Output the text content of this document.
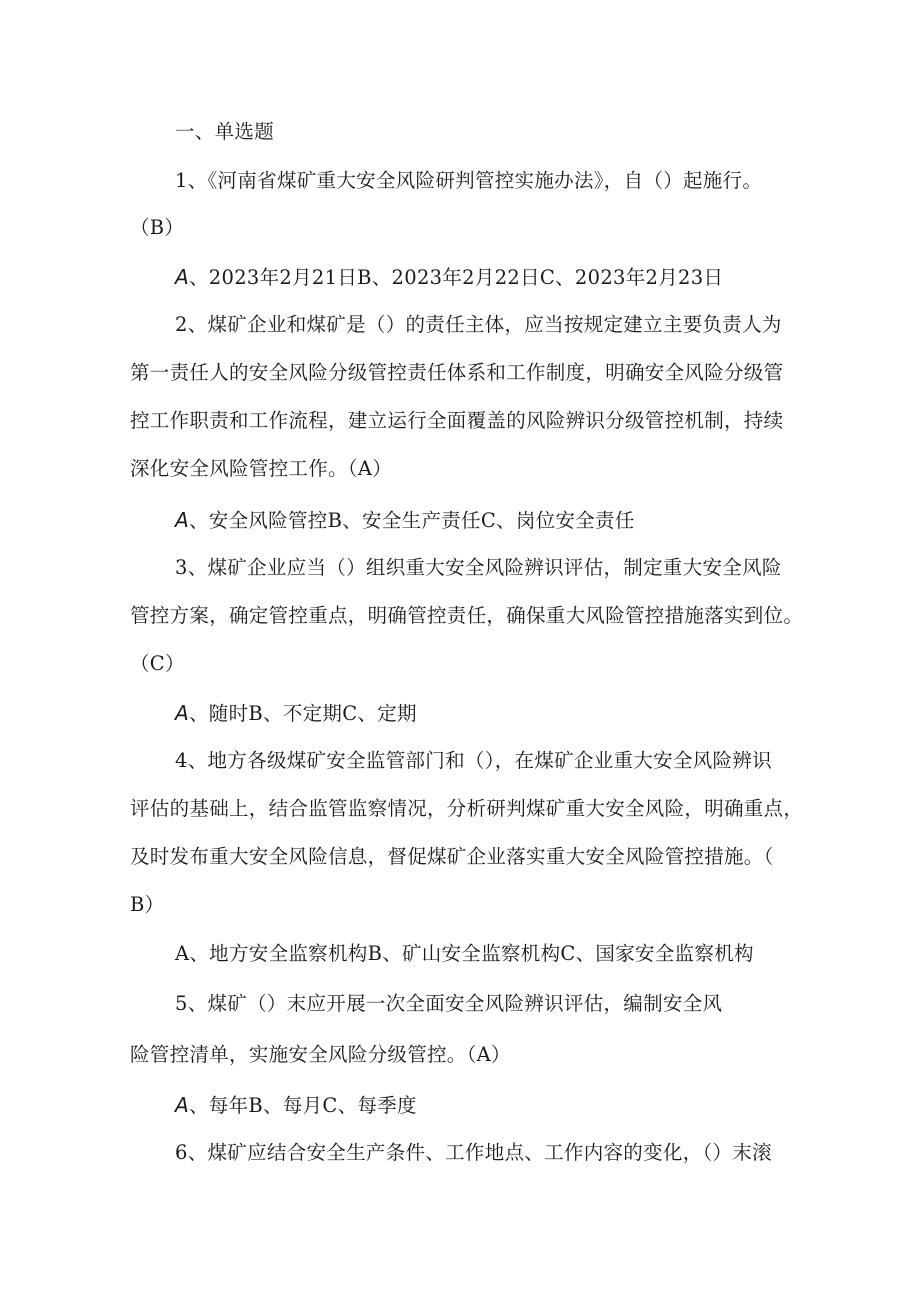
一、单选题
1、《河南省煤矿重大安全风险研判管控实施办法》，自（）起施行。
（B）
A、2023年2月21日B、2023年2月22日C、2023年2月23日
2、煤矿企业和煤矿是（）的责任主体，应当按规定建立主要负责人为
第一责任人的安全风险分级管控责任体系和工作制度，明确安全风险分级管
控工作职责和工作流程，建立运行全面覆盖的风险辨识分级管控机制，持续
深化安全风险管控工作。（A）
A、安全风险管控B、安全生产责任C、岗位安全责任
3、煤矿企业应当（）组织重大安全风险辨识评估，制定重大安全风险
管控方案，确定管控重点，明确管控责任，确保重大风险管控措施落实到位。
（C）
A、随时B、不定期C、定期
4、地方各级煤矿安全监管部门和（），在煤矿企业重大安全风险辨识
评估的基础上，结合监管监察情况，分析研判煤矿重大安全风险，明确重点，
及时发布重大安全风险信息，督促煤矿企业落实重大安全风险管控措施。（
B）
A、地方安全监察机构B、矿山安全监察机构C、国家安全监察机构
5、煤矿（）末应开展一次全面安全风险辨识评估，编制安全风
险管控清单，实施安全风险分级管控。（A）
A、每年B、每月C、每季度
6、煤矿应结合安全生产条件、工作地点、工作内容的变化，（）末滚
